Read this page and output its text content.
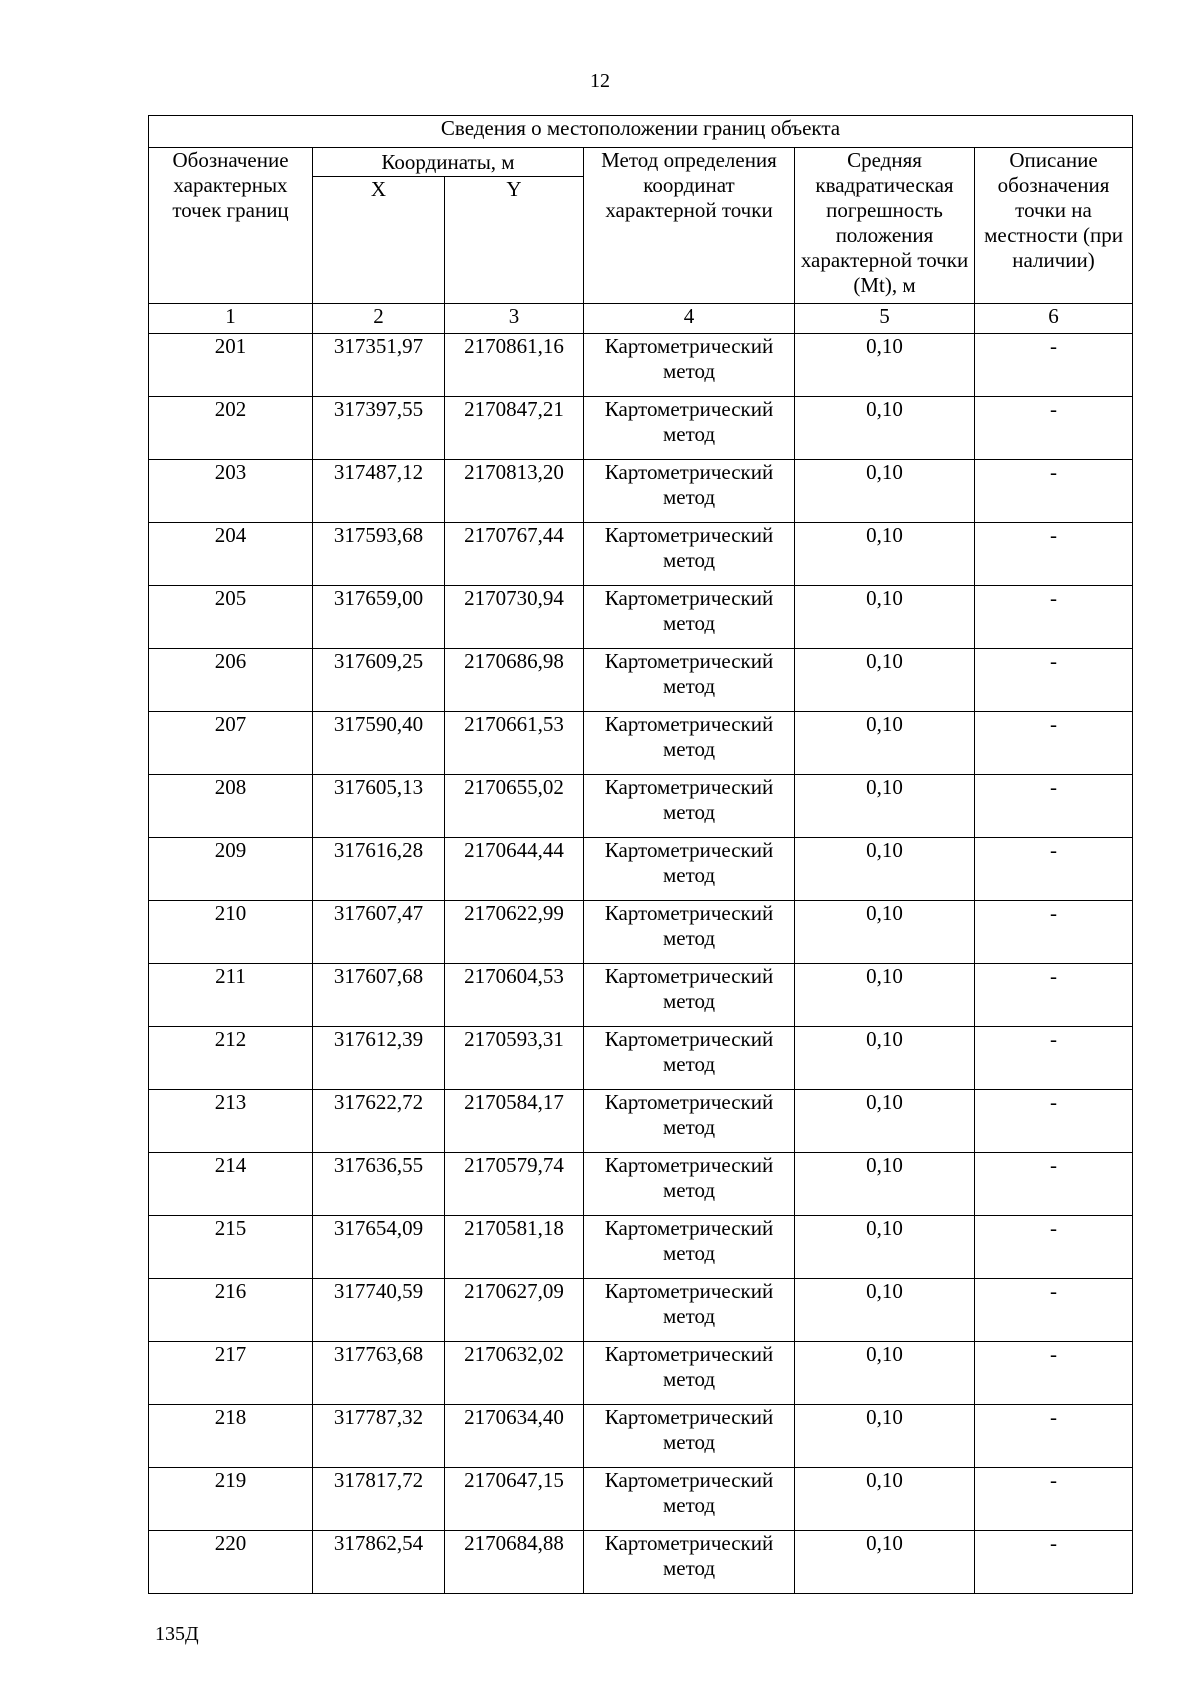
12
Сведения о местоположении границ объекта					
Обозначение характерных точек границ	Координаты, м		Метод определения координат характерной точки	Средняя квадратическая погрешность положения характерной точки (Mt), м	Описание обозначения точки на местности (при наличии)
	X	Y			
1	2	3	4	5	6
201	317351,97	2170861,16	Картометрический метод	0,10	-
202	317397,55	2170847,21	Картометрический метод	0,10	-
203	317487,12	2170813,20	Картометрический метод	0,10	-
204	317593,68	2170767,44	Картометрический метод	0,10	-
205	317659,00	2170730,94	Картометрический метод	0,10	-
206	317609,25	2170686,98	Картометрический метод	0,10	-
207	317590,40	2170661,53	Картометрический метод	0,10	-
208	317605,13	2170655,02	Картометрический метод	0,10	-
209	317616,28	2170644,44	Картометрический метод	0,10	-
210	317607,47	2170622,99	Картометрический метод	0,10	-
211	317607,68	2170604,53	Картометрический метод	0,10	-
212	317612,39	2170593,31	Картометрический метод	0,10	-
213	317622,72	2170584,17	Картометрический метод	0,10	-
214	317636,55	2170579,74	Картометрический метод	0,10	-
215	317654,09	2170581,18	Картометрический метод	0,10	-
216	317740,59	2170627,09	Картометрический метод	0,10	-
217	317763,68	2170632,02	Картометрический метод	0,10	-
218	317787,32	2170634,40	Картометрический метод	0,10	-
219	317817,72	2170647,15	Картометрический метод	0,10	-
220	317862,54	2170684,88	Картометрический метод	0,10	-
135Д
